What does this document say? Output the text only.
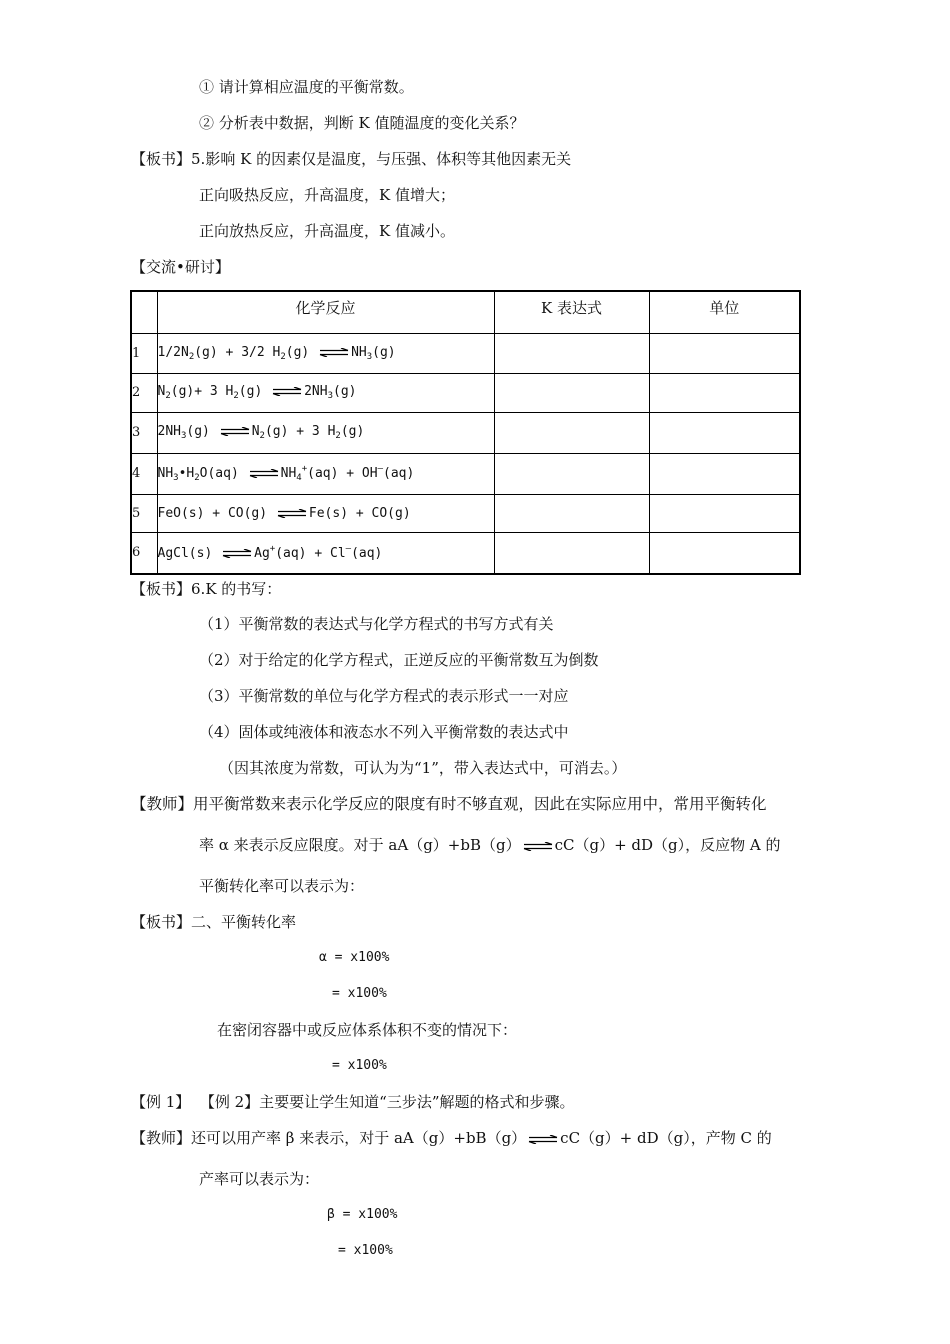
① 请计算相应温度的平衡常数。
② 分析表中数据，判断 K 值随温度的变化关系？
【板书】5.影响 K 的因素仅是温度，与压强、体积等其他因素无关
正向吸热反应，升高温度，K 值增大；
正向放热反应，升高温度，K 值减小。
【交流•研讨】
	化学反应	K 表达式	单位
1	$1/2N_2(g) + 3/2$ $H_2(g)$ ⇌ $NH_3(g)$		
2	$N_2(g)+ 3$ $H_2(g)$ ⇌ $2NH_3(g)$		
3	$2NH_3(g)$ ⇌ $N_2(g) + 3$ $H_2(g)$		
4	$NH_3•H_2O(aq)$ ⇌ $NH_4^+(aq) + OH^—(aq)$		
5	FeO(s) + CO(g) ⇌ Fe(s) + CO(g)		
6	AgCl(s) ⇌ Ag+(aq) + Cl—(aq)		
【板书】6.K 的书写：
（1）平衡常数的表达式与化学方程式的书写方式有关
（2）对于给定的化学方程式，正逆反应的平衡常数互为倒数
（3）平衡常数的单位与化学方程式的表示形式一一对应
（4）固体或纯液体和液态水不列入平衡常数的表达式中
（因其浓度为常数，可认为为“1”，带入表达式中，可消去。）
【教师】用平衡常数来表示化学反应的限度有时不够直观，因此在实际应用中，常用平衡转化
率 α 来表示反应限度。对于 aA（g）+bB（g） ⇌ cC（g）+ dD（g），反应物 A 的
平衡转化率可以表示为：
【板书】二、平衡转化率
α = x100%
= x100%
在密闭容器中或反应体系体积不变的情况下：
= x100%
【例 1】 【例 2】主要要让学生知道“三步法”解题的格式和步骤。
【教师】还可以用产率 β 来表示，对于 aA（g）+bB（g） ⇌ cC（g）+ dD（g），产物 C 的
产率可以表示为：
β = x100%
= x100%
